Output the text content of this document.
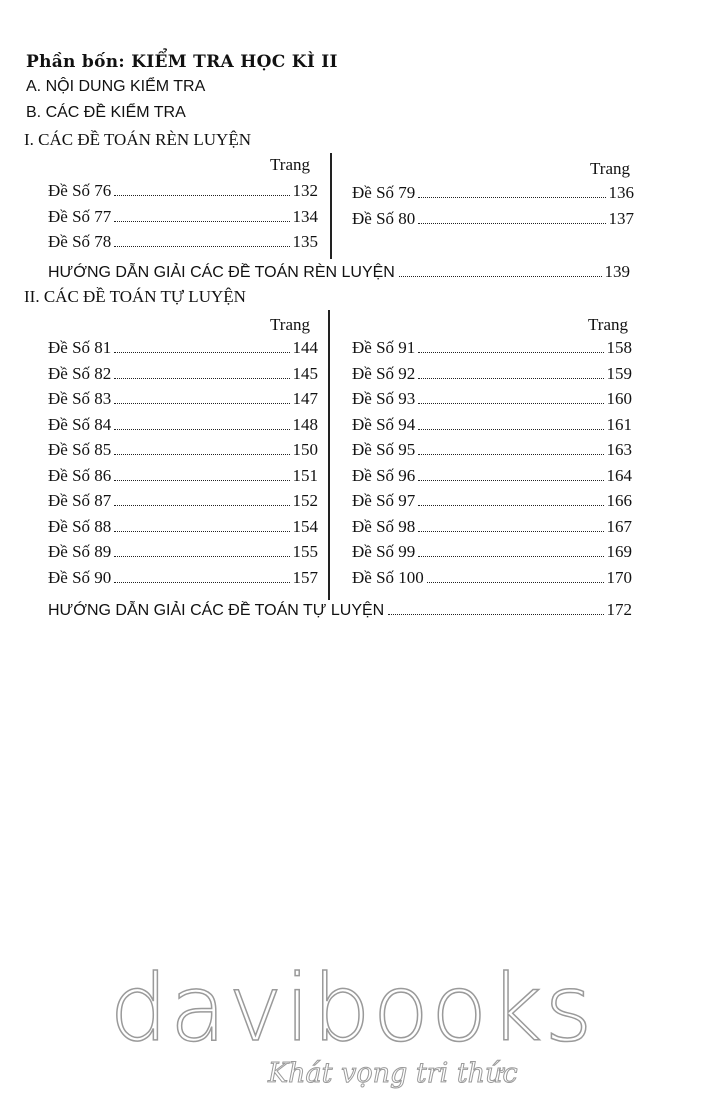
Phần bốn: KIỂM TRA HỌC KÌ II
A. NỘI DUNG KIỂM TRA
B. CÁC ĐỀ KIỂM TRA
I. CÁC ĐỀ TOÁN RÈN LUYỆN
Trang	Trang
Đề Số 76	132
Đề Số 77	134
Đề Số 78	135
Đề Số 79	136
Đề Số 80	137
HƯỚNG DẪN GIẢI CÁC ĐỀ TOÁN RÈN LUYỆN	139
II. CÁC ĐỀ TOÁN TỰ LUYỆN
Trang	Trang
Đề Số 81	144
Đề Số 82	145
Đề Số 83	147
Đề Số 84	148
Đề Số 85	150
Đề Số 86	151
Đề Số 87	152
Đề Số 88	154
Đề Số 89	155
Đề Số 90	157
Đề Số 91	158
Đề Số 92	159
Đề Số 93	160
Đề Số 94	161
Đề Số 95	163
Đề Số 96	164
Đề Số 97	166
Đề Số 98	167
Đề Số 99	169
Đề Số 100	170
HƯỚNG DẪN GIẢI CÁC ĐỀ TOÁN TỰ LUYỆN	172
davibooks
Khát vọng tri thức
